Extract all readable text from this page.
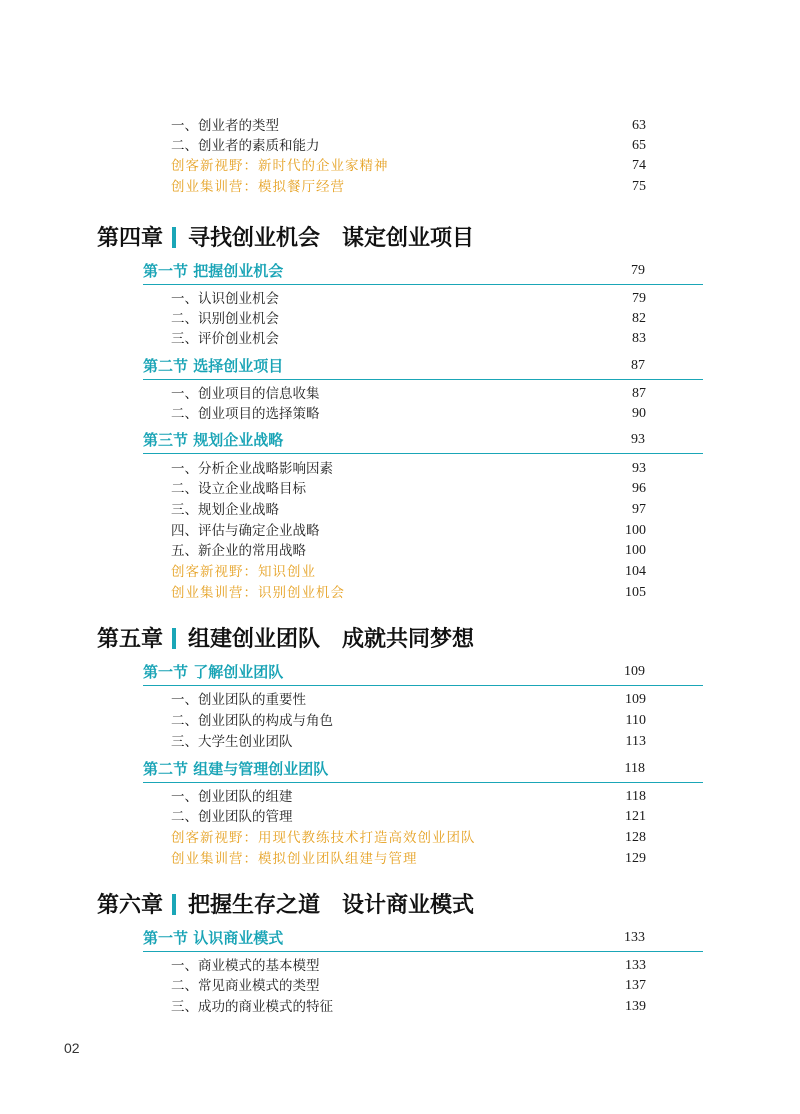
一、创业者的类型	63
二、创业者的素质和能力	65
创客新视野：新时代的企业家精神	74
创业集训营：模拟餐厅经营	75
第四章 寻找创业机会 谋定创业项目
第一节 把握创业机会	79
一、认识创业机会	79
二、识别创业机会	82
三、评价创业机会	83
第二节 选择创业项目	87
一、创业项目的信息收集	87
二、创业项目的选择策略	90
第三节 规划企业战略	93
一、分析企业战略影响因素	93
二、设立企业战略目标	96
三、规划企业战略	97
四、评估与确定企业战略	100
五、新企业的常用战略	100
创客新视野：知识创业	104
创业集训营：识别创业机会	105
第五章 组建创业团队 成就共同梦想
第一节 了解创业团队	109
一、创业团队的重要性	109
二、创业团队的构成与角色	110
三、大学生创业团队	113
第二节 组建与管理创业团队	118
一、创业团队的组建	118
二、创业团队的管理	121
创客新视野：用现代教练技术打造高效创业团队	128
创业集训营：模拟创业团队组建与管理	129
第六章 把握生存之道 设计商业模式
第一节 认识商业模式	133
一、商业模式的基本模型	133
二、常见商业模式的类型	137
三、成功的商业模式的特征	139
02
